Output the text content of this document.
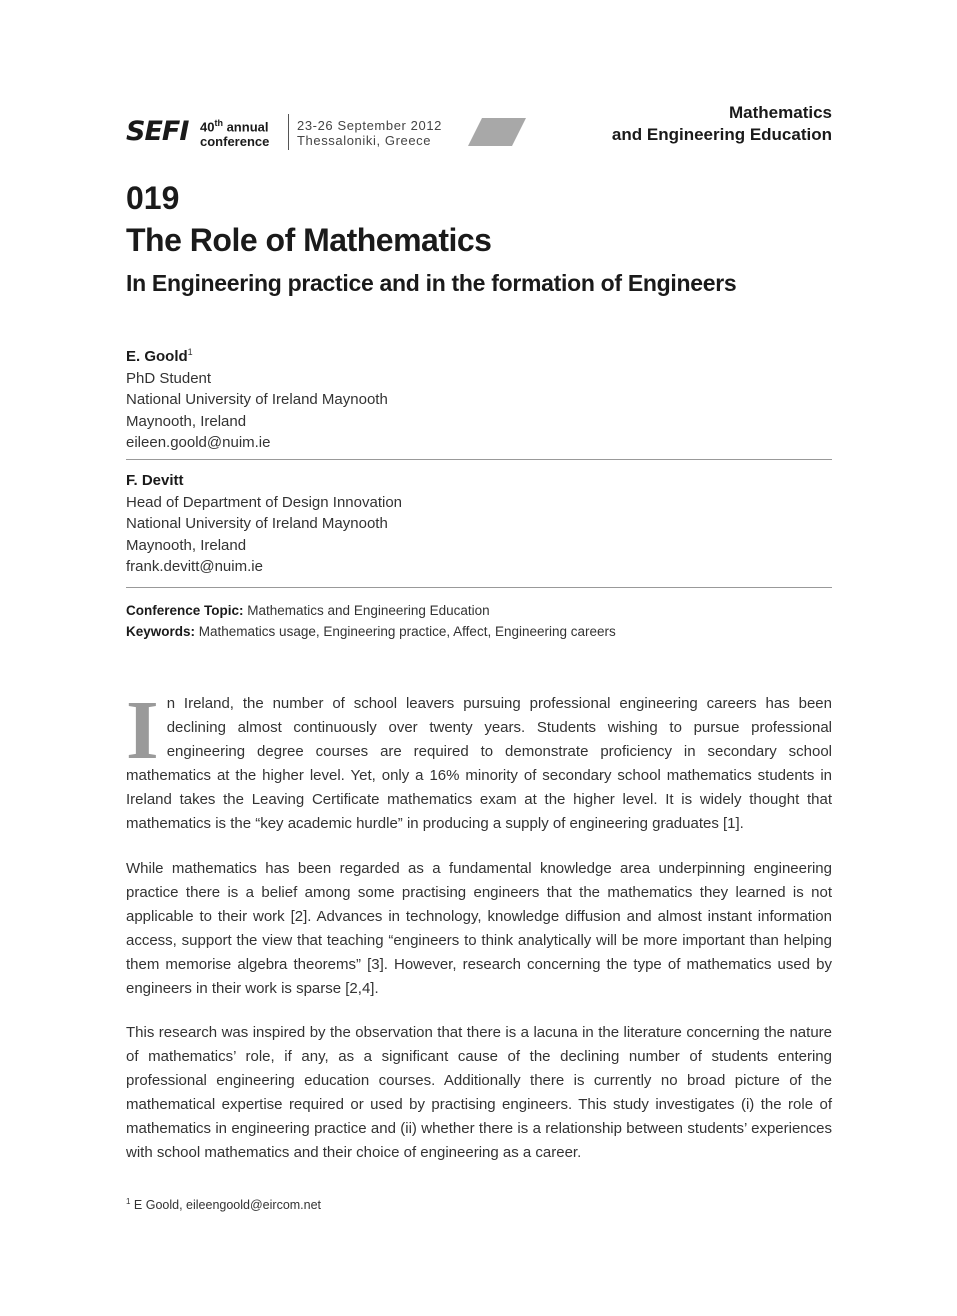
SEFI 40th annual
conference
23-26 September 2012
Thessaloniki, Greece
Mathematics
and Engineering Education
019
The Role of Mathematics
In Engineering practice and in the formation of Engineers
E. Goold$^1$
PhD Student
National University of Ireland Maynooth
Maynooth, Ireland
eileen.goold@nuim.ie
F. Devitt
Head of Department of Design Innovation
National University of Ireland Maynooth
Maynooth, Ireland
frank.devitt@nuim.ie
Conference Topic: Mathematics and Engineering Education
Keywords: Mathematics usage, Engineering practice, Affect, Engineering careers
In Ireland, the number of school leavers pursuing professional engineering careers has been declining almost continuously over twenty years. Students wishing to pursue professional engineering degree courses are required to demonstrate proficiency in secondary school mathematics at the higher level. Yet, only a 16% minority of secondary school mathematics students in Ireland takes the Leaving Certificate mathematics exam at the higher level. It is widely thought that mathematics is the “key academic hurdle” in producing a supply of engineering graduates [1].
While mathematics has been regarded as a fundamental knowledge area underpinning engineering practice there is a belief among some practising engineers that the mathematics they learned is not applicable to their work [2]. Advances in technology, knowledge diffusion and almost instant information access, support the view that teaching “engineers to think analytically will be more important than helping them memorise algebra theorems” [3]. However, research concerning the type of mathematics used by engineers in their work is sparse [2,4].
This research was inspired by the observation that there is a lacuna in the literature concerning the nature of mathematics’ role, if any, as a significant cause of the declining number of students entering professional engineering education courses. Additionally there is currently no broad picture of the mathematical expertise required or used by practising engineers. This study investigates (i) the role of mathematics in engineering practice and (ii) whether there is a relationship between students’ experiences with school mathematics and their choice of engineering as a career.
$^1$ E Goold, eileengoold@eircom.net
